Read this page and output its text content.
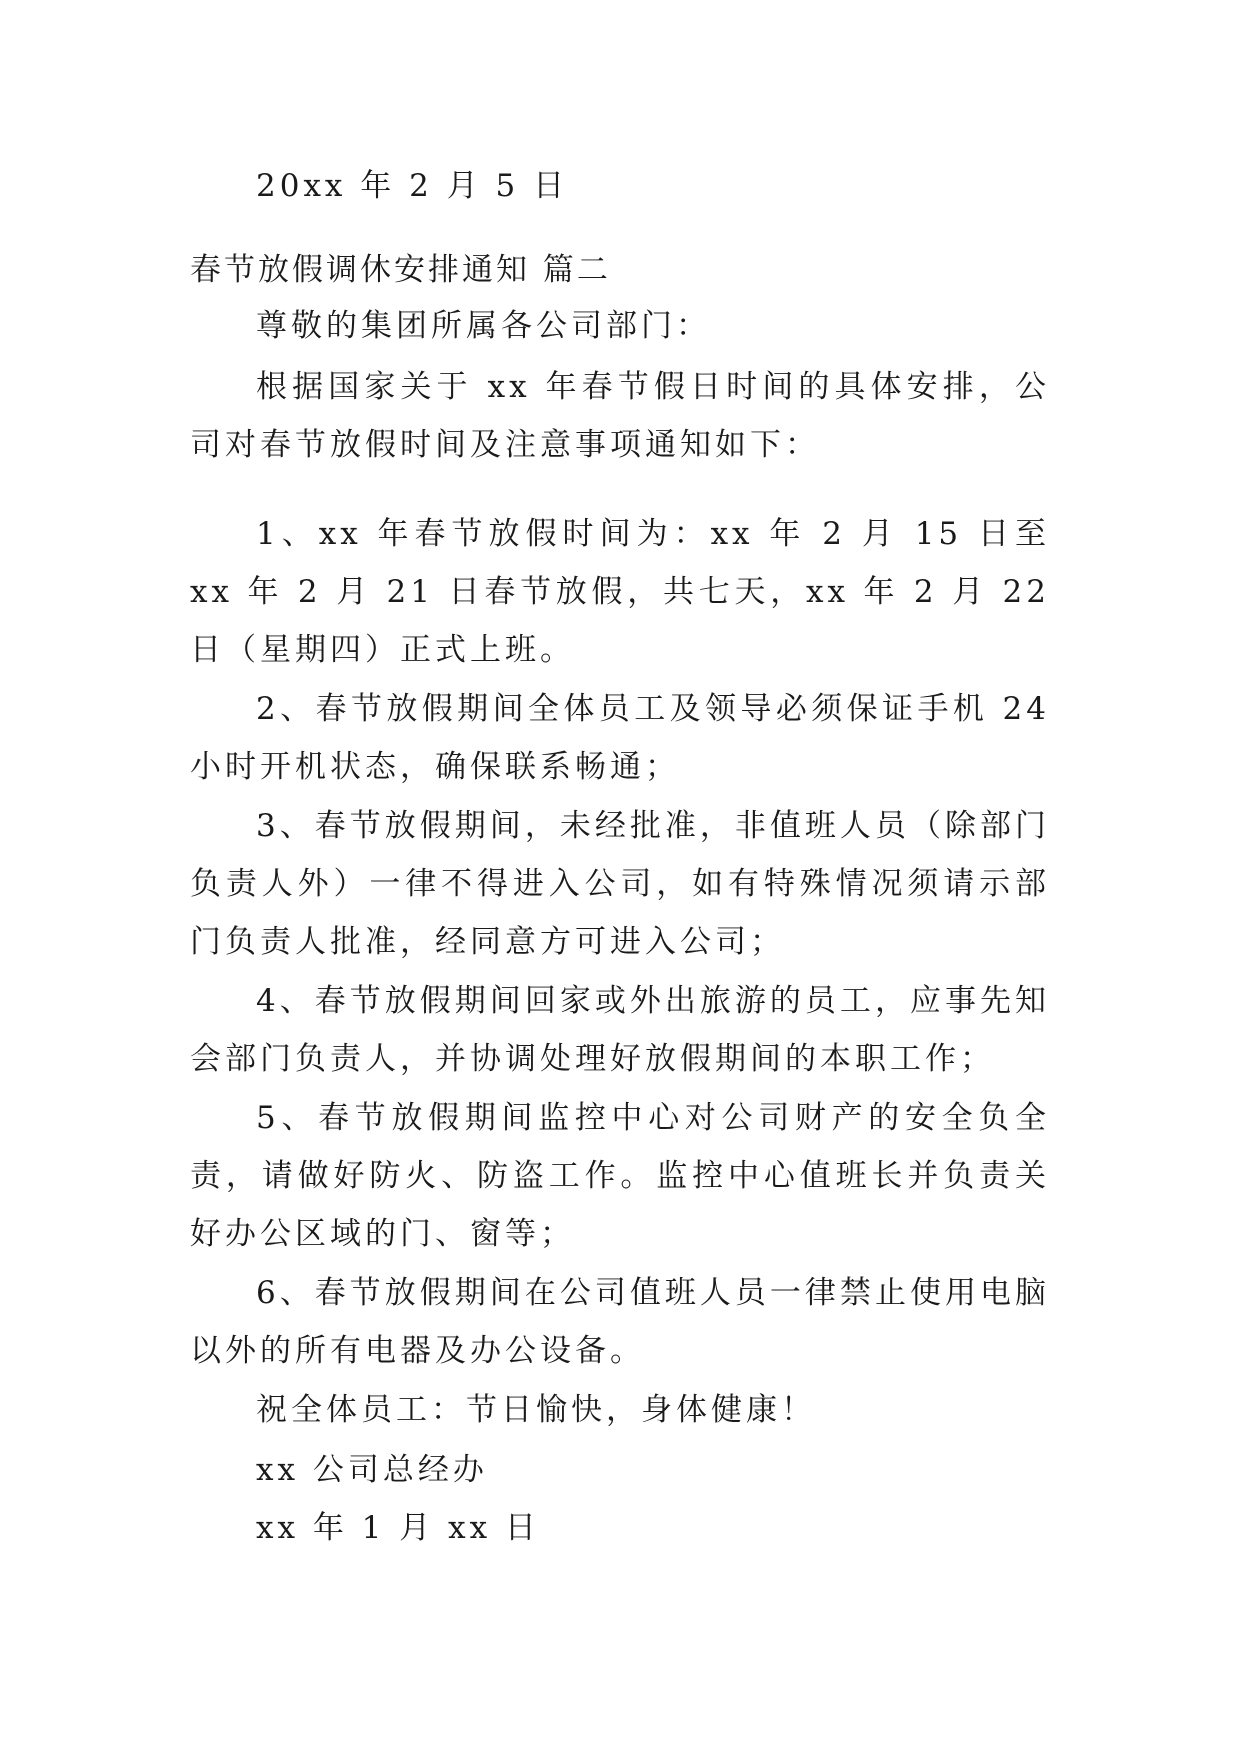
20xx 年 2 月 5 日
春节放假调休安排通知 篇二
尊敬的集团所属各公司部门：

根据国家关于 xx 年春节假日时间的具体安排，公司对春节放假时间及注意事项通知如下：

1、xx 年春节放假时间为：xx 年 2 月 15 日至 xx 年 2 月 21 日春节放假，共七天，xx 年 2 月 22 日（星期四）正式上班。

2、春节放假期间全体员工及领导必须保证手机 24 小时开机状态，确保联系畅通；

3、春节放假期间，未经批准，非值班人员（除部门负责人外）一律不得进入公司，如有特殊情况须请示部门负责人批准，经同意方可进入公司；

4、春节放假期间回家或外出旅游的员工，应事先知会部门负责人，并协调处理好放假期间的本职工作；

5、春节放假期间监控中心对公司财产的安全负全责，请做好防火、防盗工作。监控中心值班长并负责关好办公区域的门、窗等；

6、春节放假期间在公司值班人员一律禁止使用电脑以外的所有电器及办公设备。

祝全体员工：节日愉快，身体健康！
xx 公司总经办
xx 年 1 月 xx 日
